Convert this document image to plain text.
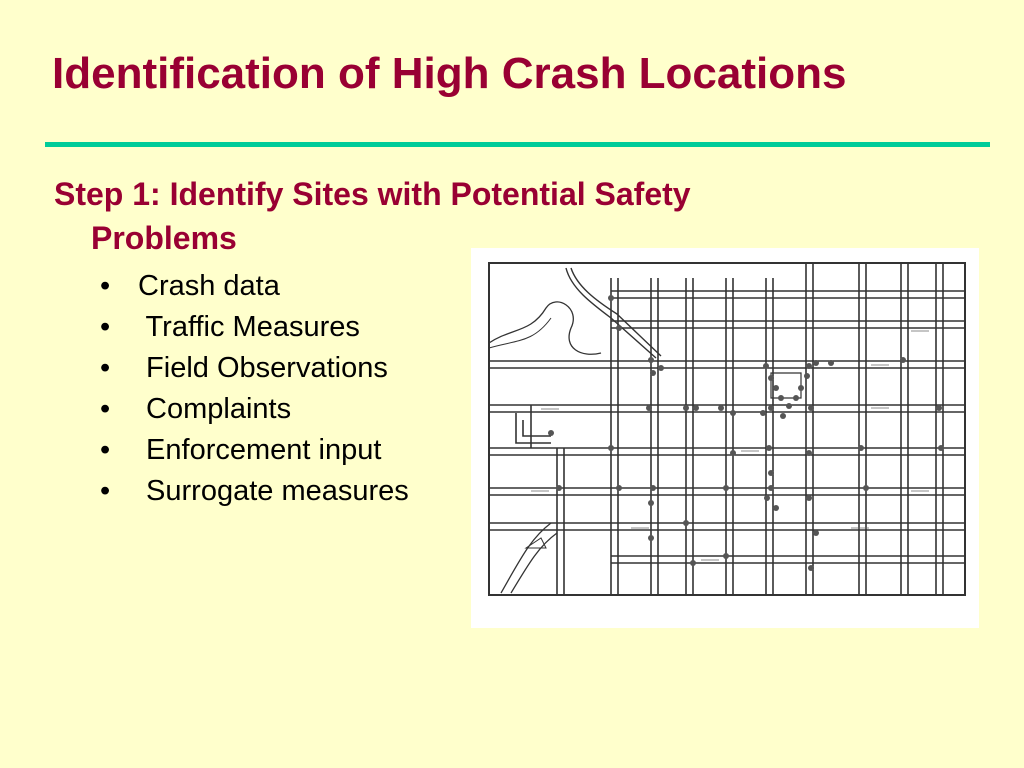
Identification of High Crash Locations
Step 1: Identify Sites with Potential Safety
Problems
• Crash data
• Traffic Measures
• Field Observations
• Complaints
• Enforcement input
• Surrogate measures
